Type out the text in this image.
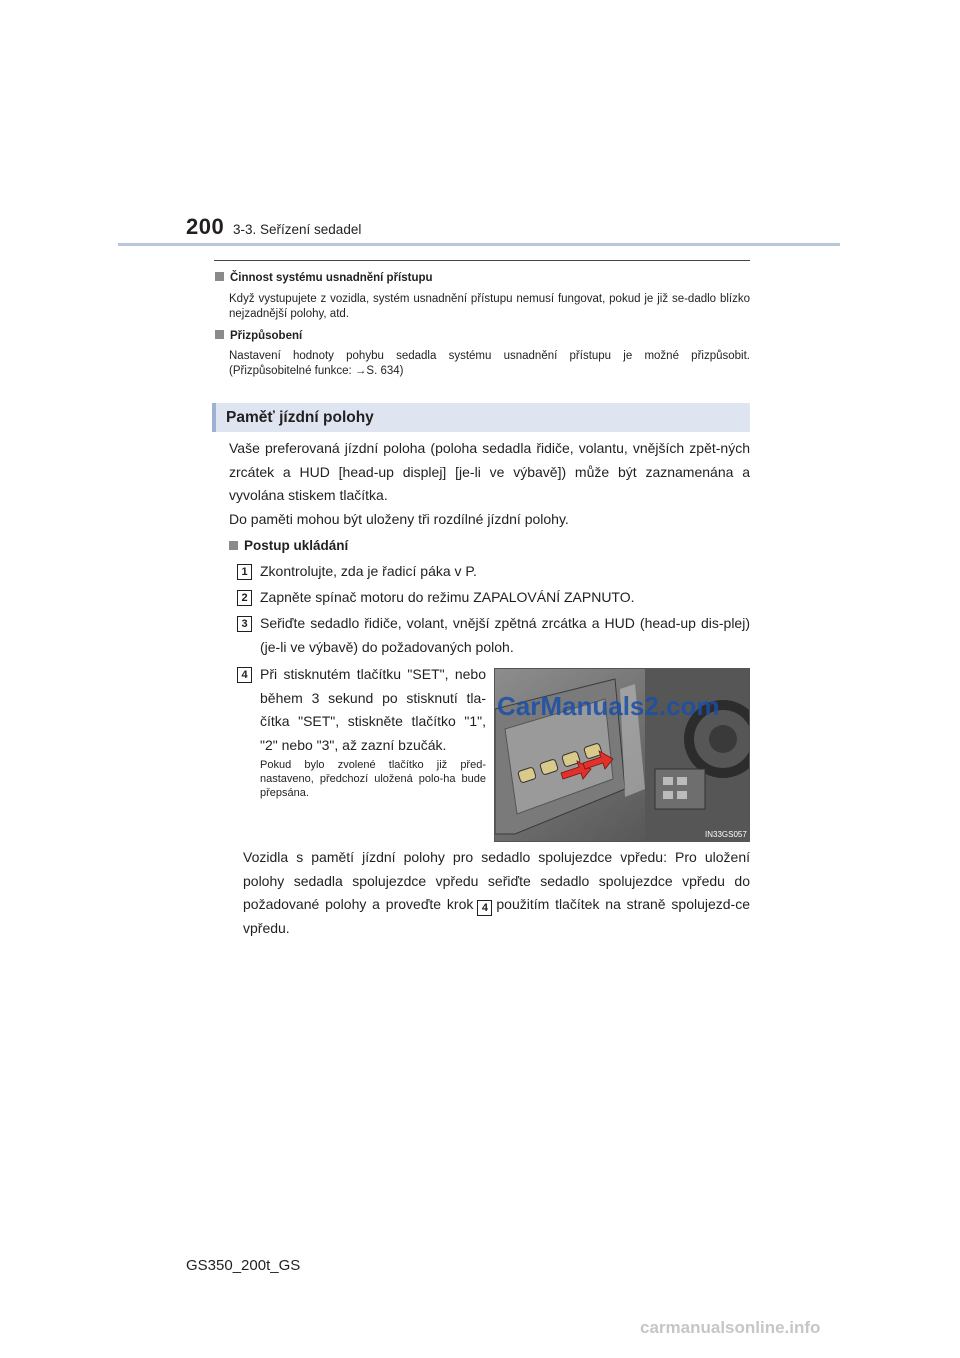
200 3-3. Seřízení sedadel
Činnost systému usnadnění přístupu
Když vystupujete z vozidla, systém usnadnění přístupu nemusí fungovat, pokud je již se-dadlo blízko nejzadnější polohy, atd.
Přizpůsobení
Nastavení hodnoty pohybu sedadla systému usnadnění přístupu je možné přizpůsobit. (Přizpůsobitelné funkce: →S. 634)
Paměť jízdní polohy
Vaše preferovaná jízdní poloha (poloha sedadla řidiče, volantu, vnějších zpět-ných zrcátek a HUD [head-up displej] [je-li ve výbavě]) může být zaznamenána a vyvolána stiskem tlačítka.
Do paměti mohou být uloženy tři rozdílné jízdní polohy.
Postup ukládání
1 Zkontrolujte, zda je řadicí páka v P.
2 Zapněte spínač motoru do režimu ZAPALOVÁNÍ ZAPNUTO.
3 Seřiďte sedadlo řidiče, volant, vnější zpětná zrcátka a HUD (head-up dis-plej) (je-li ve výbavě) do požadovaných poloh.
4 Při stisknutém tlačítku "SET", nebo během 3 sekund po stisknutí tla-čítka "SET", stiskněte tlačítko "1", "2" nebo "3", až zazní bzučák.
Pokud bylo zvolené tlačítko již před-nastaveno, předchozí uložená polo-ha bude přepsána.
CarManuals2.com
IN33GS057
Vozidla s pamětí jízdní polohy pro sedadlo spolujezdce vpředu: Pro uložení polohy sedadla spolujezdce vpředu seřiďte sedadlo spolujezdce vpředu do požadované polohy a proveďte krok 4 použitím tlačítek na straně spolujezd-ce vpředu.
GS350_200t_GS
carmanualsonline.info
